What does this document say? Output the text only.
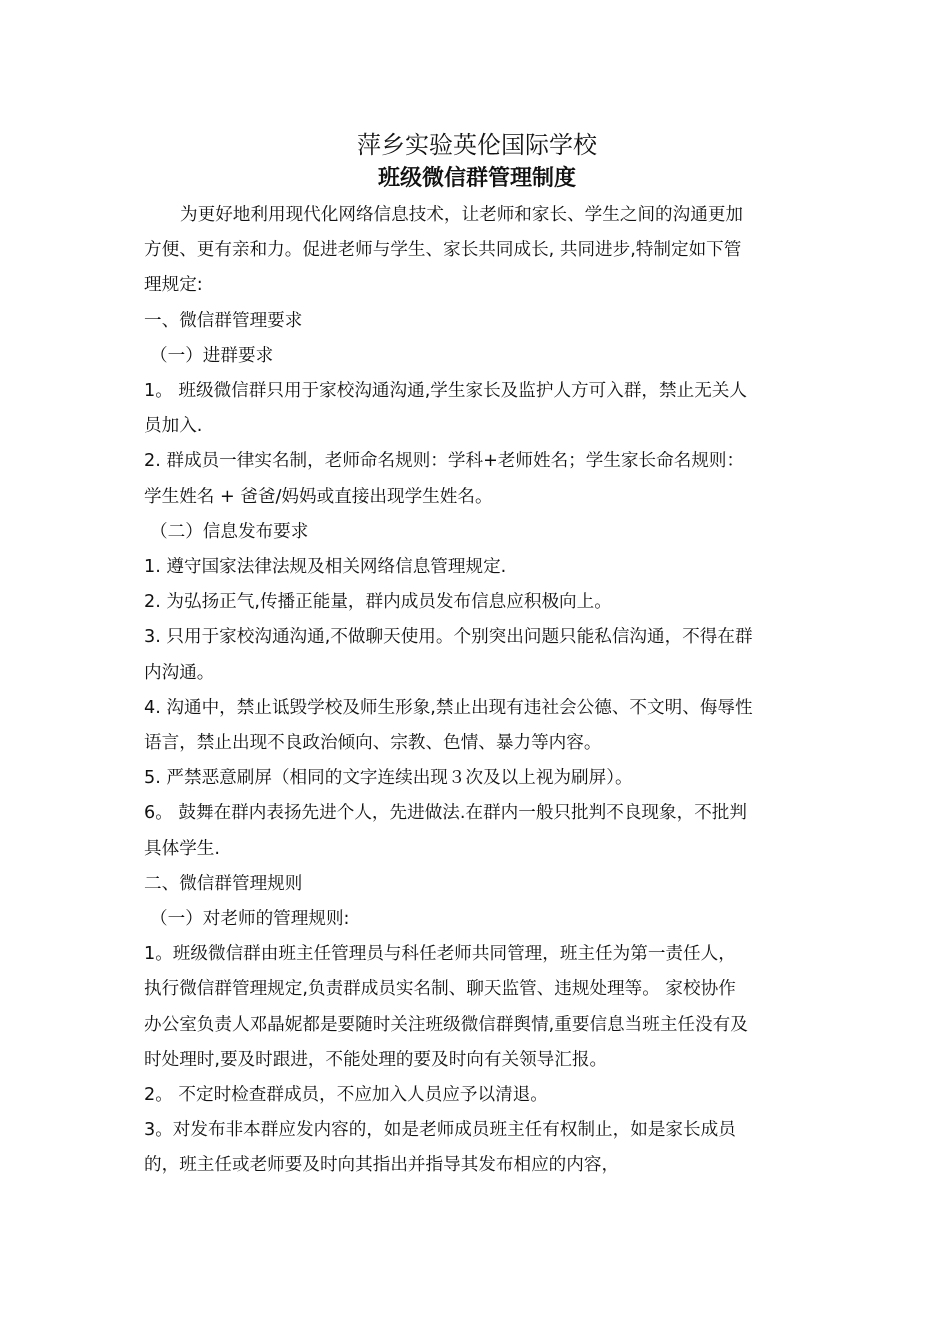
萍乡实验英伦国际学校
班级微信群管理制度

为更好地利用现代化网络信息技术，让老师和家长、学生之间的沟通更加

方便、更有亲和力。促进老师与学生、家长共同成长, 共同进步,特制定如下管

理规定:

一、微信群管理要求

（一）进群要求

1。 班级微信群只用于家校沟通沟通,学生家长及监护人方可入群，禁止无关人

员加入.

2. 群成员一律实名制，老师命名规则：学科+老师姓名；学生家长命名规则：

学生姓名 + 爸爸/妈妈或直接出现学生姓名。

（二）信息发布要求

1. 遵守国家法律法规及相关网络信息管理规定.

2. 为弘扬正气,传播正能量，群内成员发布信息应积极向上。

3. 只用于家校沟通沟通,不做聊天使用。个别突出问题只能私信沟通，不得在群

内沟通。

4. 沟通中，禁止诋毁学校及师生形象,禁止出现有违社会公德、不文明、侮辱性

语言，禁止出现不良政治倾向、宗教、色情、暴力等内容。

5. 严禁恶意刷屏（相同的文字连续出现３次及以上视为刷屏）。

6。 鼓舞在群内表扬先进个人，先进做法.在群内一般只批判不良现象，不批判

具体学生.

二、微信群管理规则

（一）对老师的管理规则:

1。班级微信群由班主任管理员与科任老师共同管理，班主任为第一责任人，

执行微信群管理规定,负责群成员实名制、聊天监管、违规处理等。 家校协作

办公室负责人邓晶妮都是要随时关注班级微信群舆情,重要信息当班主任没有及

时处理时,要及时跟进，不能处理的要及时向有关领导汇报。

2。 不定时检查群成员，不应加入人员应予以清退。

3。对发布非本群应发内容的，如是老师成员班主任有权制止，如是家长成员

的，班主任或老师要及时向其指出并指导其发布相应的内容，
